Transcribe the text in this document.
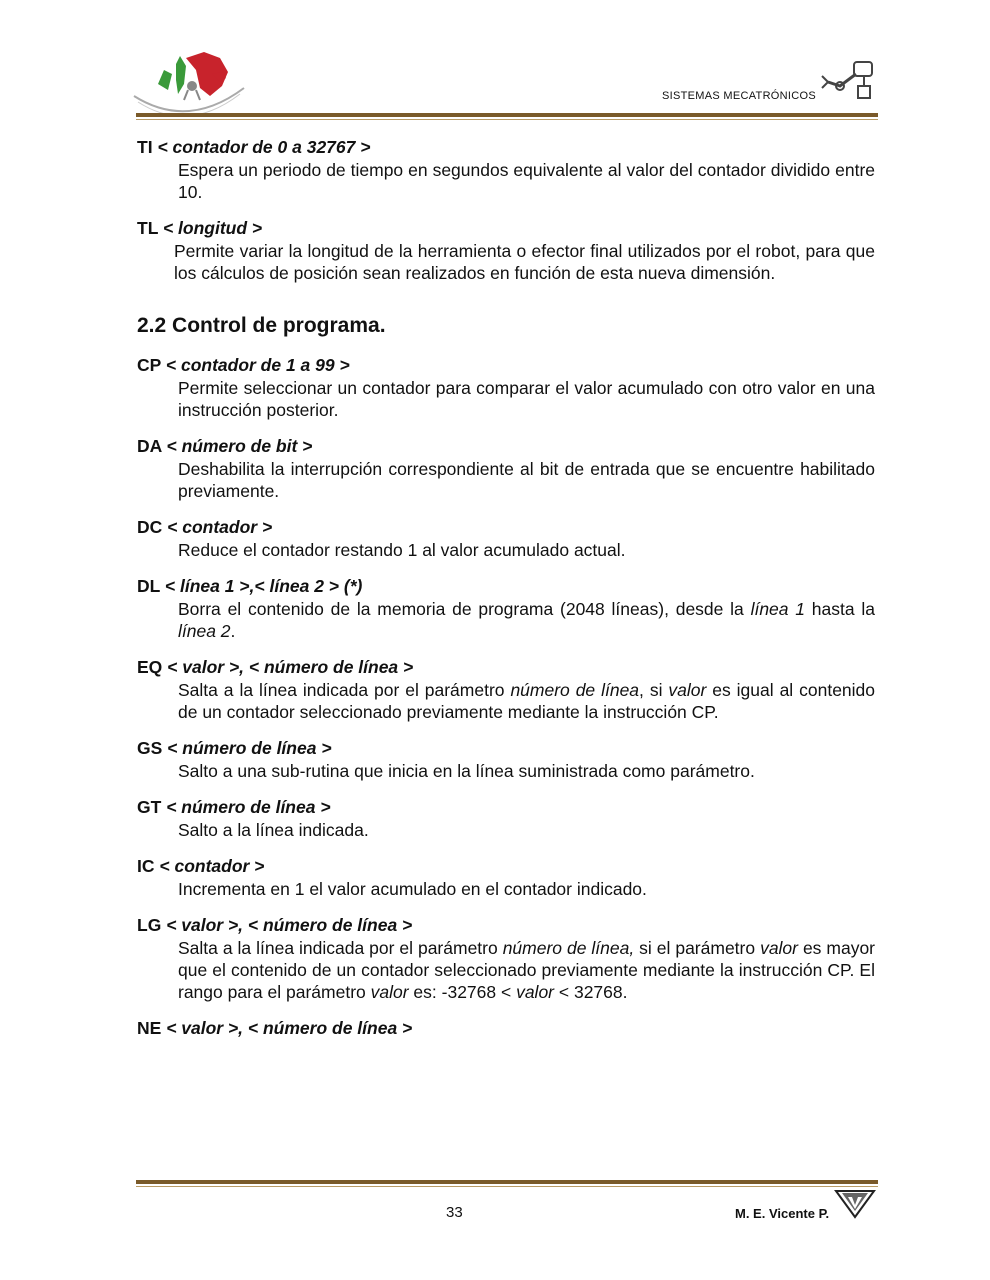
SISTEMAS MECATRÓNICOS
TI < contador de 0 a 32767 >
Espera un periodo de tiempo en segundos equivalente al valor del contador dividido entre 10.
TL < longitud >
Permite variar la longitud de la herramienta o efector final utilizados por el robot, para que los cálculos de posición sean realizados en función de esta nueva dimensión.
2.2 Control de programa.
CP < contador de 1 a 99 >
Permite seleccionar un contador para comparar el valor acumulado con otro valor en una instrucción posterior.
DA < número de bit >
Deshabilita la interrupción correspondiente al bit de entrada que se encuentre habilitado previamente.
DC < contador >
Reduce el contador restando 1 al valor acumulado actual.
DL < línea 1 >,< línea 2 > (*)
Borra el contenido de la memoria de programa (2048 líneas), desde la línea 1 hasta la línea 2.
EQ < valor >, < número de línea >
Salta a la línea indicada por el parámetro número de línea, si valor es igual al contenido de un contador seleccionado previamente mediante la instrucción CP.
GS < número de línea >
Salto a una sub-rutina que inicia en la línea suministrada como parámetro.
GT < número de línea >
Salto a la línea indicada.
IC < contador >
Incrementa en 1 el valor acumulado en el contador indicado.
LG < valor >, < número de línea >
Salta a la línea indicada por el parámetro número de línea, si el parámetro valor es mayor que el contenido de un contador seleccionado previamente mediante la instrucción CP. El rango para el parámetro valor es: -32768 < valor < 32768.
NE < valor >, < número de línea >
33	M. E. Vicente P.
